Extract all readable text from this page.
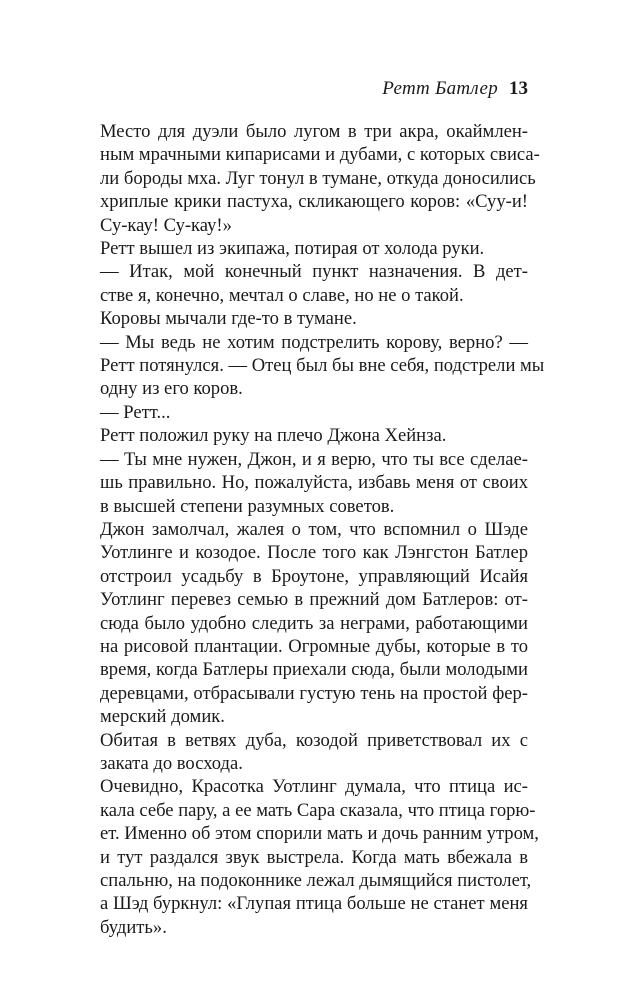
Ретт Батлер 13
Место для дуэли было лугом в три акра, окаймлен-
ным мрачными кипарисами и дубами, с которых свиса-
ли бороды мха. Луг тонул в тумане, откуда доносились
хриплые крики пастуха, скликающего коров: «Суу-и!
Су-кау! Су-кау!»
Ретт вышел из экипажа, потирая от холода руки.
— Итак, мой конечный пункт назначения. В дет-
стве я, конечно, мечтал о славе, но не о такой.
Коровы мычали где-то в тумане.
— Мы ведь не хотим подстрелить корову, верно? —
Ретт потянулся. — Отец был бы вне себя, подстрели мы
одну из его коров.
— Ретт...
Ретт положил руку на плечо Джона Хейнза.
— Ты мне нужен, Джон, и я верю, что ты все сделае-
шь правильно. Но, пожалуйста, избавь меня от своих
в высшей степени разумных советов.
Джон замолчал, жалея о том, что вспомнил о Шэде
Уотлинге и козодое. После того как Лэнгстон Батлер
отстроил усадьбу в Броутоне, управляющий Исайя
Уотлинг перевез семью в прежний дом Батлеров: от-
сюда было удобно следить за неграми, работающими
на рисовой плантации. Огромные дубы, которые в то
время, когда Батлеры приехали сюда, были молодыми
деревцами, отбрасывали густую тень на простой фер-
мерский домик.
Обитая в ветвях дуба, козодой приветствовал их с
заката до восхода.
Очевидно, Красотка Уотлинг думала, что птица ис-
кала себе пару, а ее мать Сара сказала, что птица горю-
ет. Именно об этом спорили мать и дочь ранним утром,
и тут раздался звук выстрела. Когда мать вбежала в
спальню, на подоконнике лежал дымящийся пистолет,
а Шэд буркнул: «Глупая птица больше не станет меня
будить».
